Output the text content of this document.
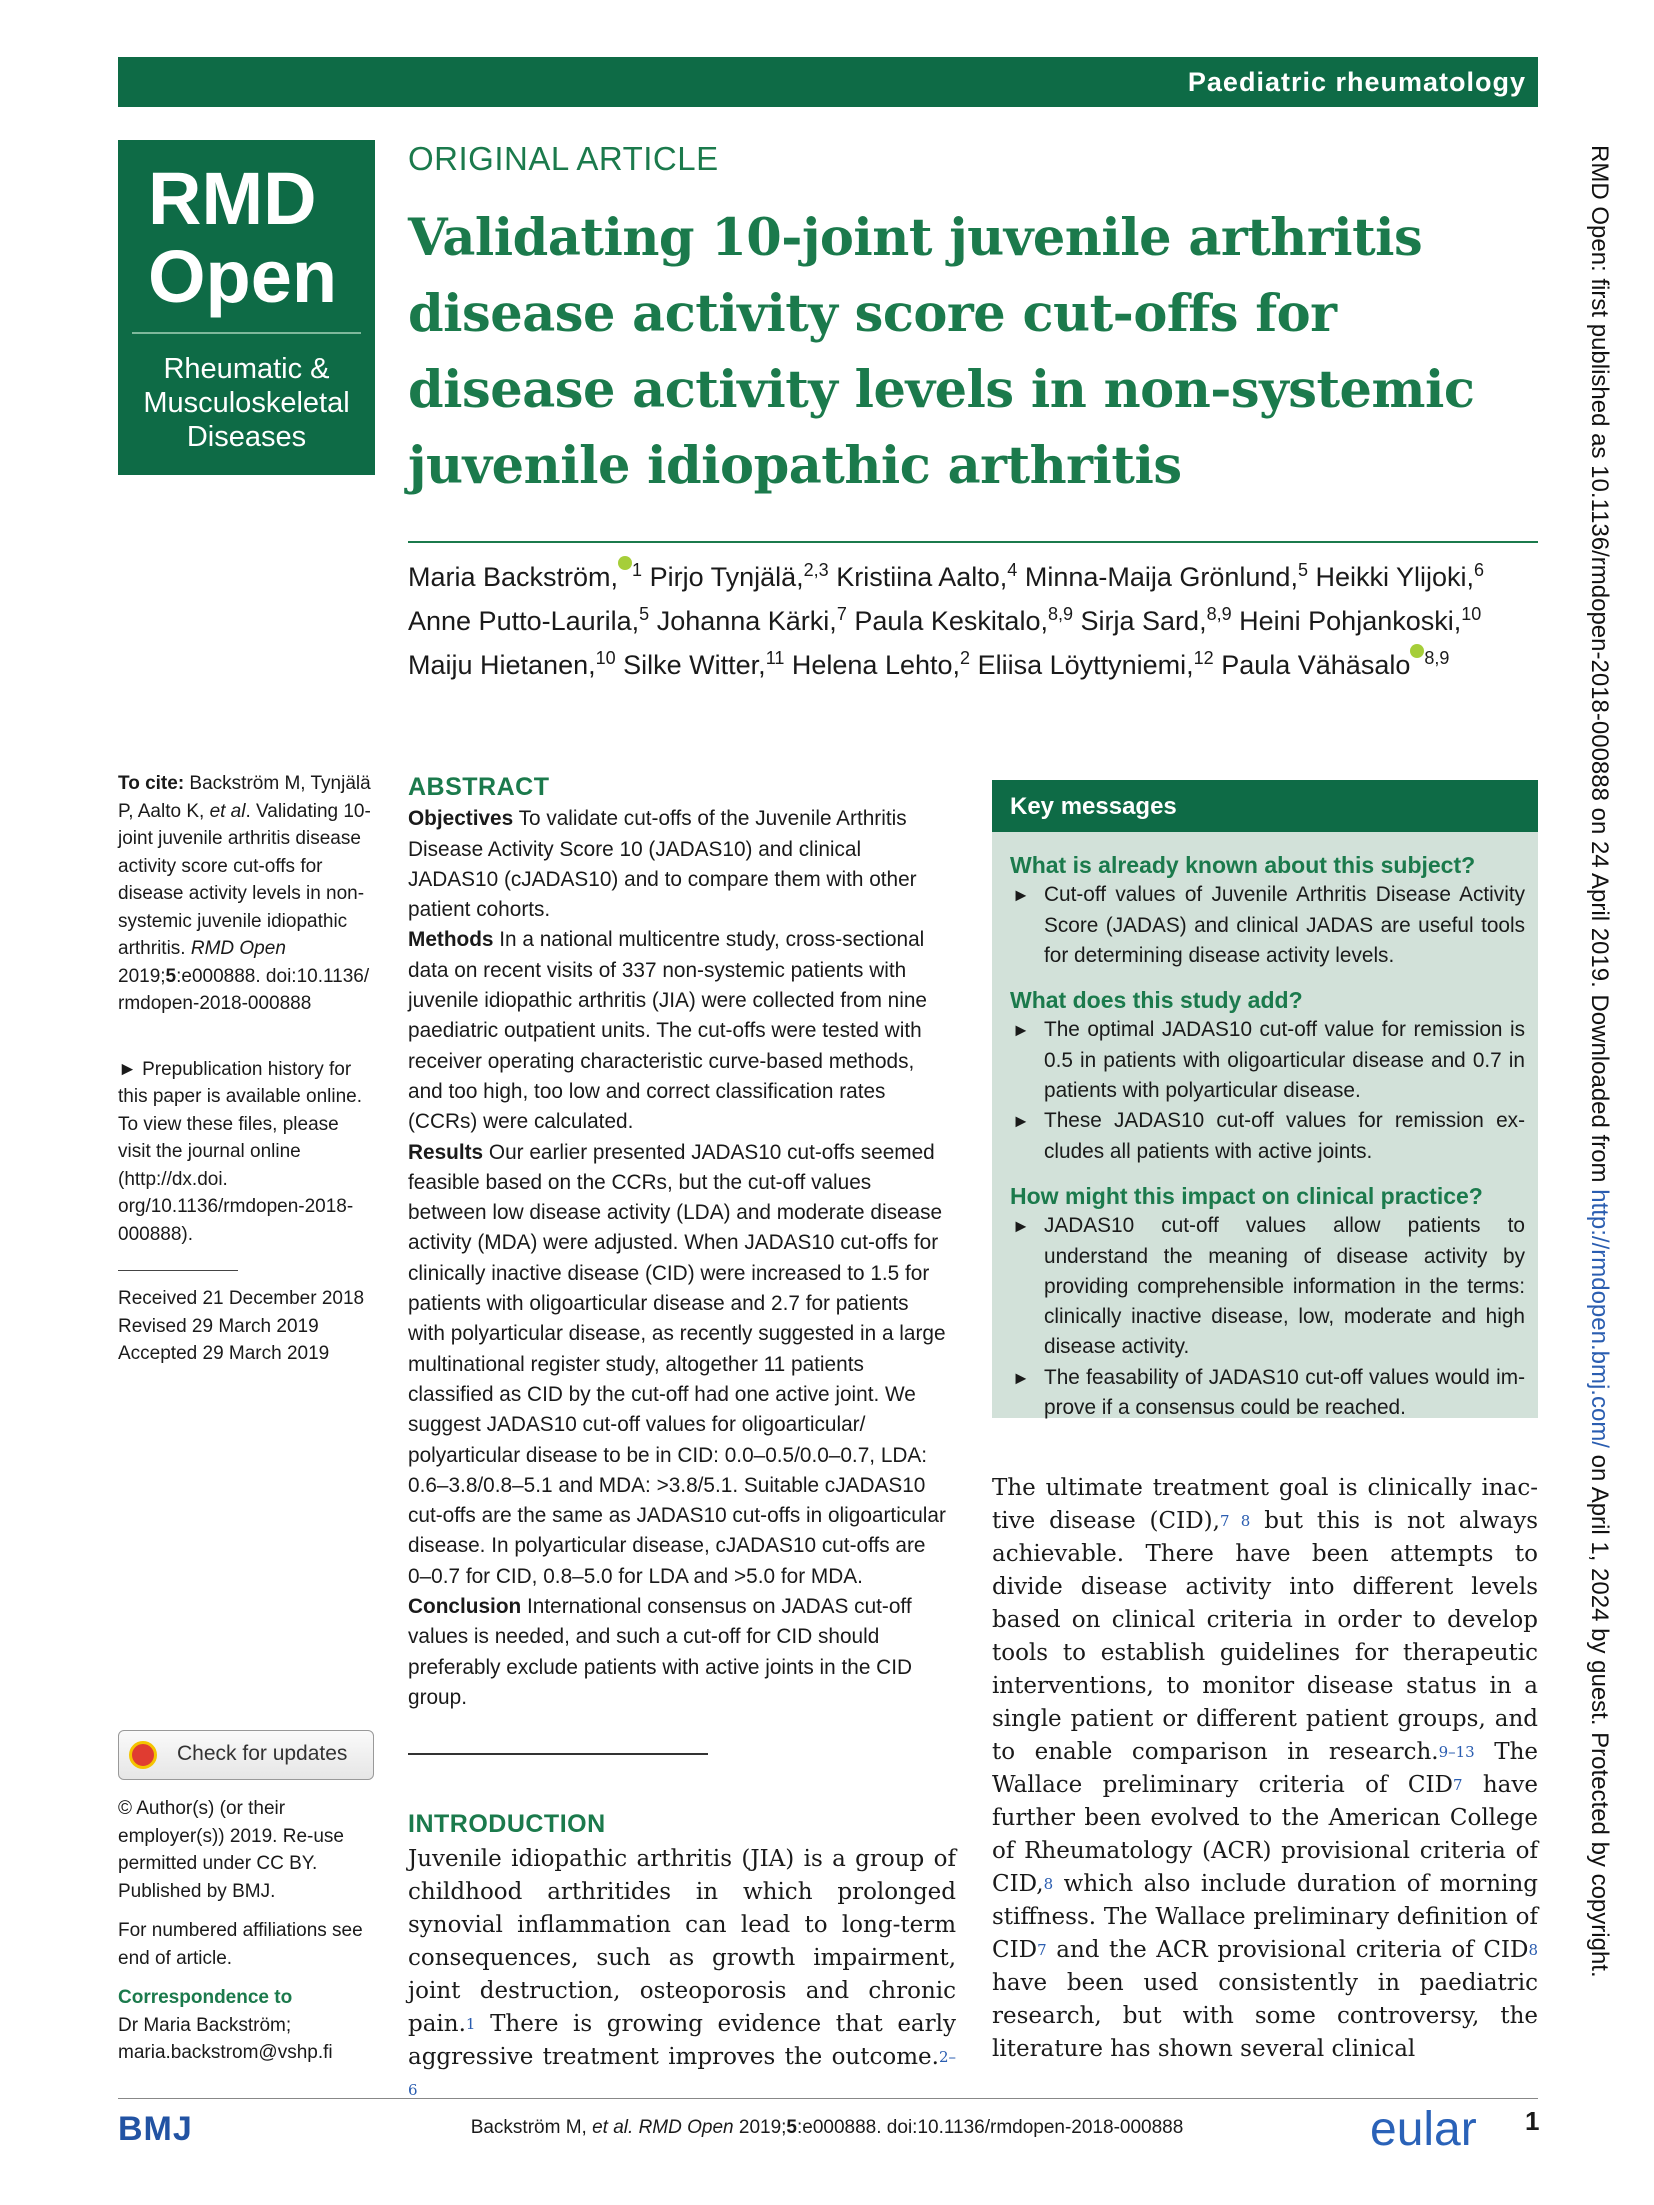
Paediatric rheumatology
RMD
Open
Rheumatic & Musculoskeletal Diseases
ORIGINAL ARTICLE
Validating 10-joint juvenile arthritis disease activity score cut-offs for disease activity levels in non-systemic juvenile idiopathic arthritis
Maria Backström, $^1$ Pirjo Tynjälä,$^{2,3}$ Kristiina Aalto,$^4$ Minna-Maija Grönlund,$^5$ Heikki Ylijoki,$^6$ Anne Putto-Laurila,$^5$ Johanna Kärki,$^7$ Paula Keskitalo,$^{8,9}$ Sirja Sard,$^{8,9}$ Heini Pohjankoski,$^{10}$ Maiju Hietanen,$^{10}$ Silke Witter,$^{11}$ Helena Lehto,$^2$ Eliisa Löyttyniemi,$^{12}$ Paula Vähäsalo $^{8,9}$	RMD Open: first published as 10.1136/rmdopen-2018-000888 on 24 April 2019. Downloaded from http://rmdopen.bmj.com/ on April 1, 2024 by guest. Protected by copyright.

To cite: Backström M, Tynjälä P, Aalto K, et al. Validating 10-joint juvenile arthritis disease activity score cut-offs for disease activity levels in non-systemic juvenile idiopathic arthritis. RMD Open 2019;5:e000888. doi:10.1136/ rmdopen-2018-000888

► Prepublication history for this paper is available online. To view these files, please visit the journal online (http://dx.doi. org/10.1136/rmdopen-2018- 000888).

Received 21 December 2018

Revised 29 March 2019

Accepted 29 March 2019

Check for updates

© Author(s) (or their employer(s)) 2019. Re-use permitted under CC BY. Published by BMJ.

For numbered affiliations see end of article.

Correspondence to

Dr Maria Backström;

maria.backstrom@vshp.fi

ABSTRACT

Objectives To validate cut-offs of the Juvenile Arthritis Disease Activity Score 10 (JADAS10) and clinical JADAS10 (cJADAS10) and to compare them with other patient cohorts.

Methods In a national multicentre study, cross-sectional data on recent visits of 337 non-systemic patients with juvenile idiopathic arthritis (JIA) were collected from nine paediatric outpatient units. The cut-offs were tested with receiver operating characteristic curve-based methods, and too high, too low and correct classification rates (CCRs) were calculated.

Results Our earlier presented JADAS10 cut-offs seemed feasible based on the CCRs, but the cut-off values between low disease activity (LDA) and moderate disease activity (MDA) were adjusted. When JADAS10 cut-offs for clinically inactive disease (CID) were increased to 1.5 for patients with oligoarticular disease and 2.7 for patients with polyarticular disease, as recently suggested in a large multinational register study, altogether 11 patients classified as CID by the cut-off had one active joint. We suggest JADAS10 cut-off values for oligoarticular/ polyarticular disease to be in CID: 0.0–0.5/0.0–0.7, LDA: 0.6–3.8/0.8–5.1 and MDA: >3.8/5.1. Suitable cJADAS10 cut-offs are the same as JADAS10 cut-offs in oligoarticular disease. In polyarticular disease, cJADAS10 cut-offs are 0–0.7 for CID, 0.8–5.0 for LDA and >5.0 for MDA.

Conclusion International consensus on JADAS cut-off values is needed, and such a cut-off for CID should preferably exclude patients with active joints in the CID group.

INTRODUCTION

Juvenile idiopathic arthritis (JIA) is a group of childhood arthritides in which prolonged synovial inflammation can lead to long-term consequences, such as growth impairment, joint destruction, osteoporosis and chronic pain.$^1$ There is growing evidence that early aggressive treatment improves the outcome.$^{2-6}$

Key messages
What is already known about this subject?
► Cut-off values of Juvenile Arthritis Disease Activity Score (JADAS) and clinical JADAS are useful tools for determining disease activity levels.
What does this study add?
► The optimal JADAS10 cut-off value for remission is 0.5 in patients with oligoarticular disease and 0.7 in patients with polyarticular disease.
► These JADAS10 cut-off values for remission excludes all patients with active joints.
How might this impact on clinical practice?
► JADAS10 cut-off values allow patients to understand the meaning of disease activity by providing comprehensible information in the terms: clinically inactive disease, low, moderate and high disease activity.
► The feasability of JADAS10 cut-off values would improve if a consensus could be reached.

The ultimate treatment goal is clinically inactive disease (CID),$^{7 8}$ but this is not always achievable. There have been attempts to divide disease activity into different levels based on clinical criteria in order to develop tools to establish guidelines for therapeutic interventions, to monitor disease status in a single patient or different patient groups, and to enable comparison in research.$^{9-13}$ The Wallace preliminary criteria of CID$^7$ have further been evolved to the American College of Rheumatology (ACR) provisional criteria of CID,$^8$ which also include duration of morning stiffness. The Wallace preliminary definition of CID$^7$ and the ACR provisional criteria of CID$^8$ have been used consistently in paediatric research, but with some controversy, the literature has shown several clinical

BMJ	Backström M, et al. RMD Open 2019;5:e000888. doi:10.1136/rmdopen-2018-000888	eular 1
